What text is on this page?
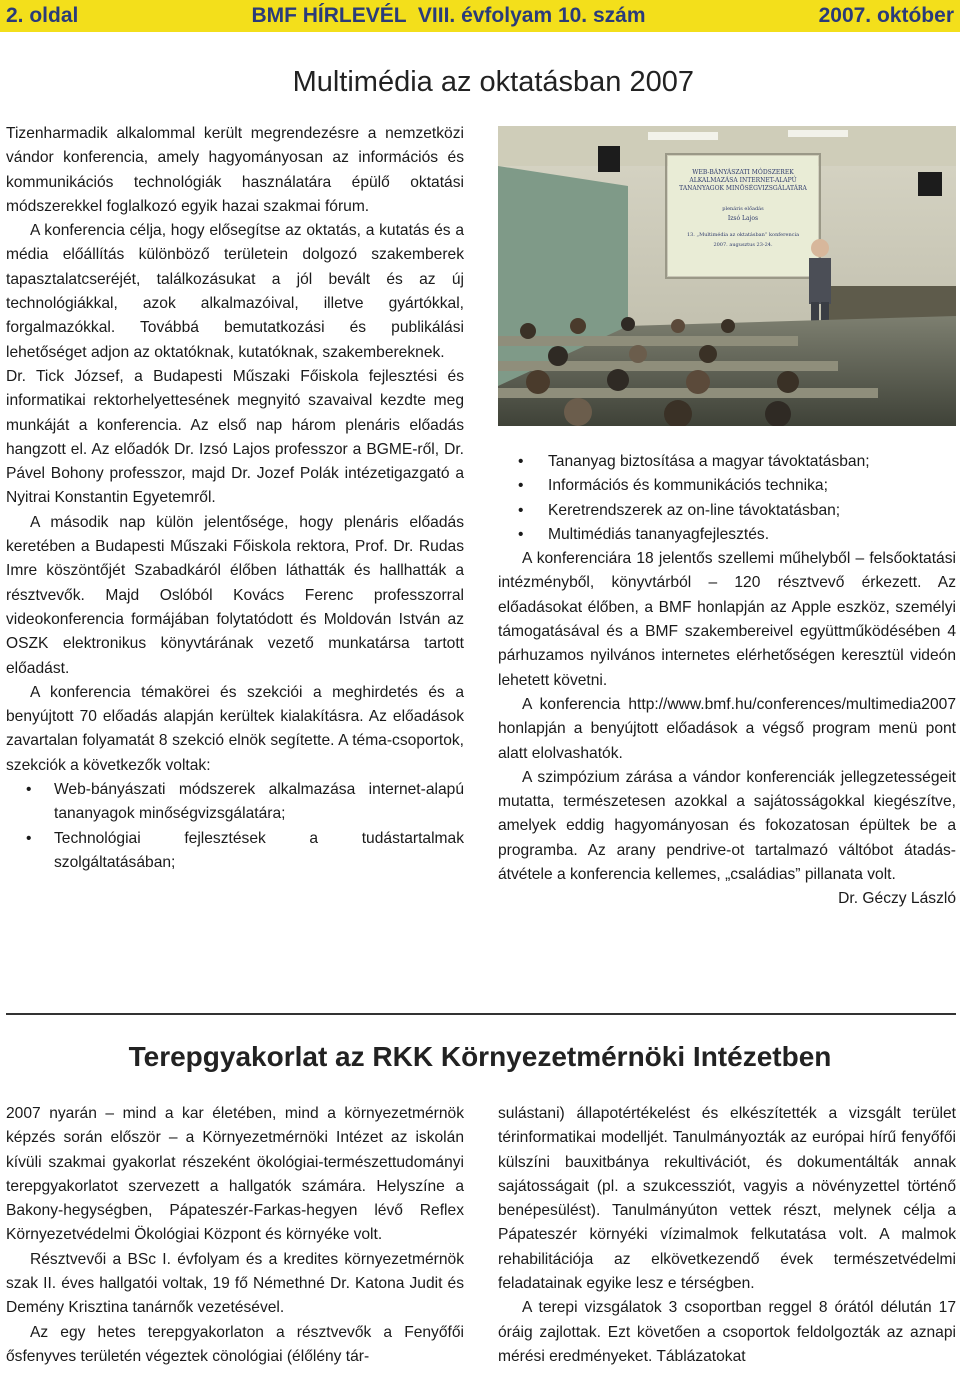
2. oldal	BMF HÍRLEVÉL  VIII. évfolyam 10. szám	2007. október
Multimédia az oktatásban 2007

Tizenharmadik alkalommal került megrendezésre a nemzetközi vándor konferencia, amely hagyományosan az információs és kommunikációs technológiák használatára épülő oktatási módszerekkel foglalkozó egyik hazai szakmai fórum.

A konferencia célja, hogy elősegítse az oktatás, a kutatás és a média előállítás különböző területein dolgozó szakemberek tapasztalatcseréjét, találkozásukat a jól bevált és az új technológiákkal, azok alkalmazóival, illetve gyártókkal, forgalmazókkal. Továbbá bemutatkozási és publikálási lehetőséget adjon az oktatóknak, kutatóknak, szakembereknek.

Dr. Tick József, a Budapesti Műszaki Főiskola fejlesztési és informatikai rektorhelyettesének megnyitó szavaival kezdte meg munkáját a konferencia. Az első nap három plenáris előadás hangzott el. Az előadók Dr. Izsó Lajos professzor a BGME-ről, Dr. Pável Bohony professzor, majd Dr. Jozef Polák intézetigazgató a Nyitrai Konstantin Egyetemről.

A második nap külön jelentősége, hogy plenáris előadás keretében a Budapesti Műszaki Főiskola rektora, Prof. Dr. Rudas Imre köszöntőjét Szabadkáról élőben láthatták és hallhatták a résztvevők. Majd Oslóból Kovács Ferenc professzorral videokonferencia formájában folytatódott és Moldován István az OSZK elektronikus könyvtárának vezető munkatársa tartott előadást.

A konferencia témakörei és szekciói a meghirdetés és a benyújtott 70 előadás alapján kerültek kialakításra. Az előadások zavartalan folyamatát 8 szekció elnök segítette. A téma-csoportok, szekciók a következők voltak:

• Web-bányászati módszerek alkalmazása internet-alapú tananyagok minőségvizsgálatára;
• Technológiai fejlesztések a tudástartalmak szolgáltatásában;
WEB-BÁNYÁSZATI MÓDSZEREK
ALKALMAZÁSA INTERNET-ALAPÚ
TANANYAGOK MINŐSÉGVIZSGÁLATÁRA
plenáris előadás
Izsó Lajos
13. „Multimédia az oktatásban” konferencia
2007. augusztus 23-24.
• Tananyag biztosítása a magyar távoktatásban;
• Információs és kommunikációs technika;
• Keretrendszerek az on-line távoktatásban;
• Multimédiás tananyagfejlesztés.

A konferenciára 18 jelentős szellemi műhelyből – felsőoktatási intézményből, könyvtárból – 120 résztvevő érkezett. Az előadásokat élőben, a BMF honlapján az Apple eszköz, személyi támogatásával és a BMF szakembereivel együttműködésében 4 párhuzamos nyilvános internetes elérhetőségen keresztül videón lehetett követni.

A konferencia http://www.bmf.hu/conferences/multimedia2007 honlapján a benyújtott előadások a végső program menü pont alatt elolvashatók.

A szimpózium zárása a vándor konferenciák jellegzetességeit mutatta, természetesen azokkal a sajátosságokkal kiegészítve, amelyek eddig hagyományosan és fokozatosan épültek be a programba. Az arany pendrive-ot tartalmazó váltóbot átadás-átvétele a konferencia kellemes, „családias” pillanata volt.

Dr. Géczy László

Terepgyakorlat az RKK Környezetmérnöki Intézetben

2007 nyarán – mind a kar életében, mind a környezetmérnök képzés során először – a Környezetmérnöki Intézet az iskolán kívüli szakmai gyakorlat részeként ökológiai-természettudományi terepgyakorlatot szervezett a hallgatók számára. Helyszíne a Bakony-hegységben, Pápateszér-Farkas-hegyen lévő Reflex Környezetvédelmi Ökológiai Központ és környéke volt.

Résztvevői a BSc I. évfolyam és a kredites környezetmérnök szak II. éves hallgatói voltak, 19 fő Némethné Dr. Katona Judit és Demény Krisztina tanárnők vezetésével.

Az egy hetes terepgyakorlaton a résztvevők a Fenyőfői ősfenyves területén végeztek cönológiai (élőlény tár-

sulástani) állapotértékelést és elkészítették a vizsgált terület térinformatikai modelljét. Tanulmányozták az európai hírű fenyőfői külszíni bauxitbánya rekultivációt, és dokumentálták annak sajátosságait (pl. a szukcessziót, vagyis a növényzettel történő benépesülést). Tanulmányúton vettek részt, melynek célja a Pápateszér környéki vízimalmok felkutatása volt. A malmok rehabilitációja az elkövetkezendő évek természetvédelmi feladatainak egyike lesz e térségben.

A terepi vizsgálatok 3 csoportban reggel 8 órától délután 17 óráig zajlottak. Ezt követően a csoportok feldolgozták az aznapi mérési eredményeket. Táblázatokat
